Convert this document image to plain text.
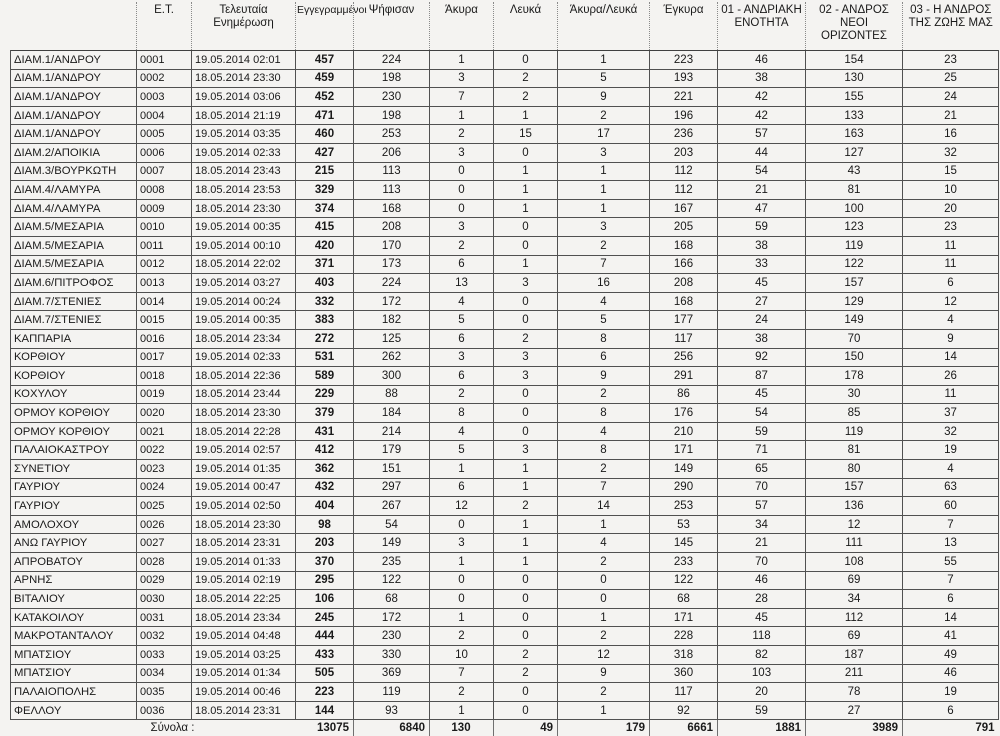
	Ε.Τ.	Τελευταία Ενημέρωση	Εγγεγραμμένοι	Ψήφισαν	Άκυρα	Λευκά	Άκυρα/Λευκά	Έγκυρα	01 - ΑΝΔΡΙΑΚΗ ΕΝΟΤΗΤΑ	02 - ΑΝΔΡΟΣ ΝΕΟΙ ΟΡΙΖΟΝΤΕΣ	03 - Η ΑΝΔΡΟΣ ΤΗΣ ΖΩΗΣ ΜΑΣ
ΔΙΑΜ.1/ΑΝΔΡΟΥ	0001	19.05.2014 02:01	457	224	1	0	1	223	46	154	23
ΔΙΑΜ.1/ΑΝΔΡΟΥ	0002	18.05.2014 23:30	459	198	3	2	5	193	38	130	25
ΔΙΑΜ.1/ΑΝΔΡΟΥ	0003	19.05.2014 03:06	452	230	7	2	9	221	42	155	24
ΔΙΑΜ.1/ΑΝΔΡΟΥ	0004	18.05.2014 21:19	471	198	1	1	2	196	42	133	21
ΔΙΑΜ.1/ΑΝΔΡΟΥ	0005	19.05.2014 03:35	460	253	2	15	17	236	57	163	16
ΔΙΑΜ.2/ΑΠΟΙΚΙΑ	0006	19.05.2014 02:33	427	206	3	0	3	203	44	127	32
ΔΙΑΜ.3/ΒΟΥΡΚΩΤΗ	0007	18.05.2014 23:43	215	113	0	1	1	112	54	43	15
ΔΙΑΜ.4/ΛΑΜΥΡΑ	0008	18.05.2014 23:53	329	113	0	1	1	112	21	81	10
ΔΙΑΜ.4/ΛΑΜΥΡΑ	0009	18.05.2014 23:30	374	168	0	1	1	167	47	100	20
ΔΙΑΜ.5/ΜΕΣΑΡΙΑ	0010	19.05.2014 00:35	415	208	3	0	3	205	59	123	23
ΔΙΑΜ.5/ΜΕΣΑΡΙΑ	0011	19.05.2014 00:10	420	170	2	0	2	168	38	119	11
ΔΙΑΜ.5/ΜΕΣΑΡΙΑ	0012	18.05.2014 22:02	371	173	6	1	7	166	33	122	11
ΔΙΑΜ.6/ΠΙΤΡΟΦΟΣ	0013	19.05.2014 03:27	403	224	13	3	16	208	45	157	6
ΔΙΑΜ.7/ΣΤΕΝΙΕΣ	0014	19.05.2014 00:24	332	172	4	0	4	168	27	129	12
ΔΙΑΜ.7/ΣΤΕΝΙΕΣ	0015	19.05.2014 00:35	383	182	5	0	5	177	24	149	4
ΚΑΠΠΑΡΙΑ	0016	18.05.2014 23:34	272	125	6	2	8	117	38	70	9
ΚΟΡΘΙΟΥ	0017	19.05.2014 02:33	531	262	3	3	6	256	92	150	14
ΚΟΡΘΙΟΥ	0018	18.05.2014 22:36	589	300	6	3	9	291	87	178	26
ΚΟΧΥΛΟΥ	0019	18.05.2014 23:44	229	88	2	0	2	86	45	30	11
ΟΡΜΟΥ ΚΟΡΘΙΟΥ	0020	18.05.2014 23:30	379	184	8	0	8	176	54	85	37
ΟΡΜΟΥ ΚΟΡΘΙΟΥ	0021	18.05.2014 22:28	431	214	4	0	4	210	59	119	32
ΠΑΛΑΙΟΚΑΣΤΡΟΥ	0022	19.05.2014 02:57	412	179	5	3	8	171	71	81	19
ΣΥΝΕΤΙΟΥ	0023	19.05.2014 01:35	362	151	1	1	2	149	65	80	4
ΓΑΥΡΙΟΥ	0024	19.05.2014 00:47	432	297	6	1	7	290	70	157	63
ΓΑΥΡΙΟΥ	0025	19.05.2014 02:50	404	267	12	2	14	253	57	136	60
ΑΜΟΛΟΧΟΥ	0026	18.05.2014 23:30	98	54	0	1	1	53	34	12	7
ΑΝΩ ΓΑΥΡΙΟΥ	0027	18.05.2014 23:31	203	149	3	1	4	145	21	111	13
ΑΠΡΟΒΑΤΟΥ	0028	19.05.2014 01:33	370	235	1	1	2	233	70	108	55
ΑΡΝΗΣ	0029	19.05.2014 02:19	295	122	0	0	0	122	46	69	7
ΒΙΤΑΛΙΟΥ	0030	18.05.2014 22:25	106	68	0	0	0	68	28	34	6
ΚΑΤΑΚΟΙΛΟΥ	0031	18.05.2014 23:34	245	172	1	0	1	171	45	112	14
ΜΑΚΡΟΤΑΝΤΑΛΟΥ	0032	19.05.2014 04:48	444	230	2	0	2	228	118	69	41
ΜΠΑΤΣΙΟΥ	0033	19.05.2014 03:25	433	330	10	2	12	318	82	187	49
ΜΠΑΤΣΙΟΥ	0034	19.05.2014 01:34	505	369	7	2	9	360	103	211	46
ΠΑΛΑΙΟΠΟΛΗΣ	0035	19.05.2014 00:46	223	119	2	0	2	117	20	78	19
ΦΕΛΛΟΥ	0036	18.05.2014 23:31	144	93	1	0	1	92	59	27	6
	Σύνολα :		13075	6840	130	49	179	6661	1881	3989	791
